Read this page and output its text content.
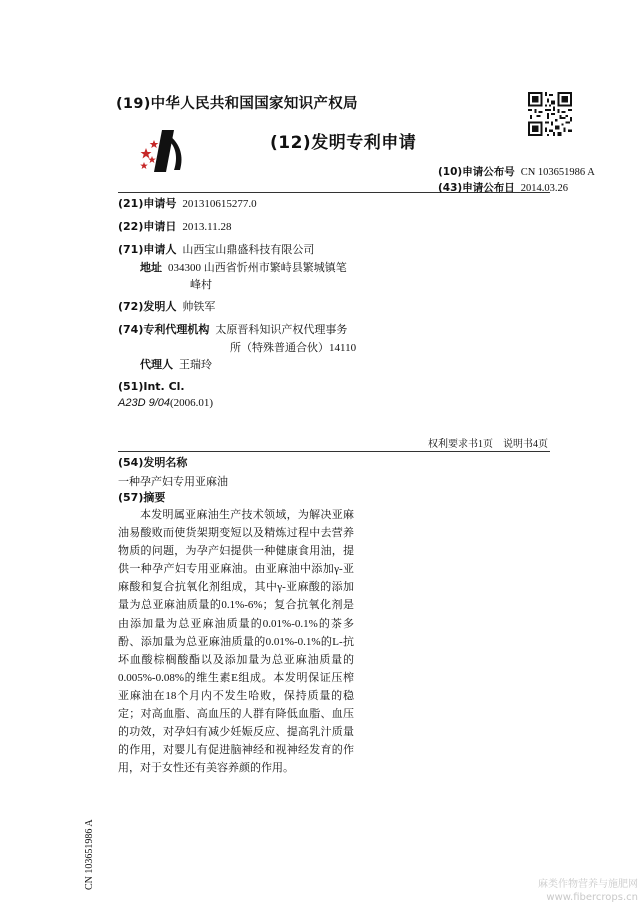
(19)中华人民共和国国家知识产权局
(12)发明专利申请
(10)申请公布号 CN 103651986 A
(43)申请公布日 2014.03.26
(21)申请号 201310615277.0
(22)申请日 2013.11.28
(71)申请人 山西宝山鼎盛科技有限公司
地址 034300 山西省忻州市繁峙县繁城镇笔
峰村
(72)发明人 帅铁军
(74)专利代理机构 太原晋科知识产权代理事务
所（特殊普通合伙）14110
代理人 王瑞玲
(51)Int. Cl.
A23D 9/04(2006.01)
权利要求书1页　说明书4页
(54)发明名称
一种孕产妇专用亚麻油
(57)摘要

本发明属亚麻油生产技术领域，为解决亚麻油易酸败而使货架期变短以及精炼过程中去营养物质的问题，为孕产妇提供一种健康食用油，提供一种孕产妇专用亚麻油。由亚麻油中添加γ-亚麻酸和复合抗氧化剂组成，其中γ-亚麻酸的添加量为总亚麻油质量的0.1%-6%；复合抗氧化剂是由添加量为总亚麻油质量的0.01%-0.1%的茶多酚、添加量为总亚麻油质量的0.01%-0.1%的L-抗坏血酸棕榈酸酯以及添加量为总亚麻油质量的0.005%-0.08%的维生素E组成。本发明保证压榨亚麻油在18个月内不发生哈败，保持质量的稳定；对高血脂、高血压的人群有降低血脂、血压的功效，对孕妇有减少妊娠反应、提高乳汁质量的作用，对婴儿有促进脑神经和视神经发育的作用，对于女性还有美容养颜的作用。

CN 103651986 A	麻类作物营养与施肥网
www.fibercrops.cn
